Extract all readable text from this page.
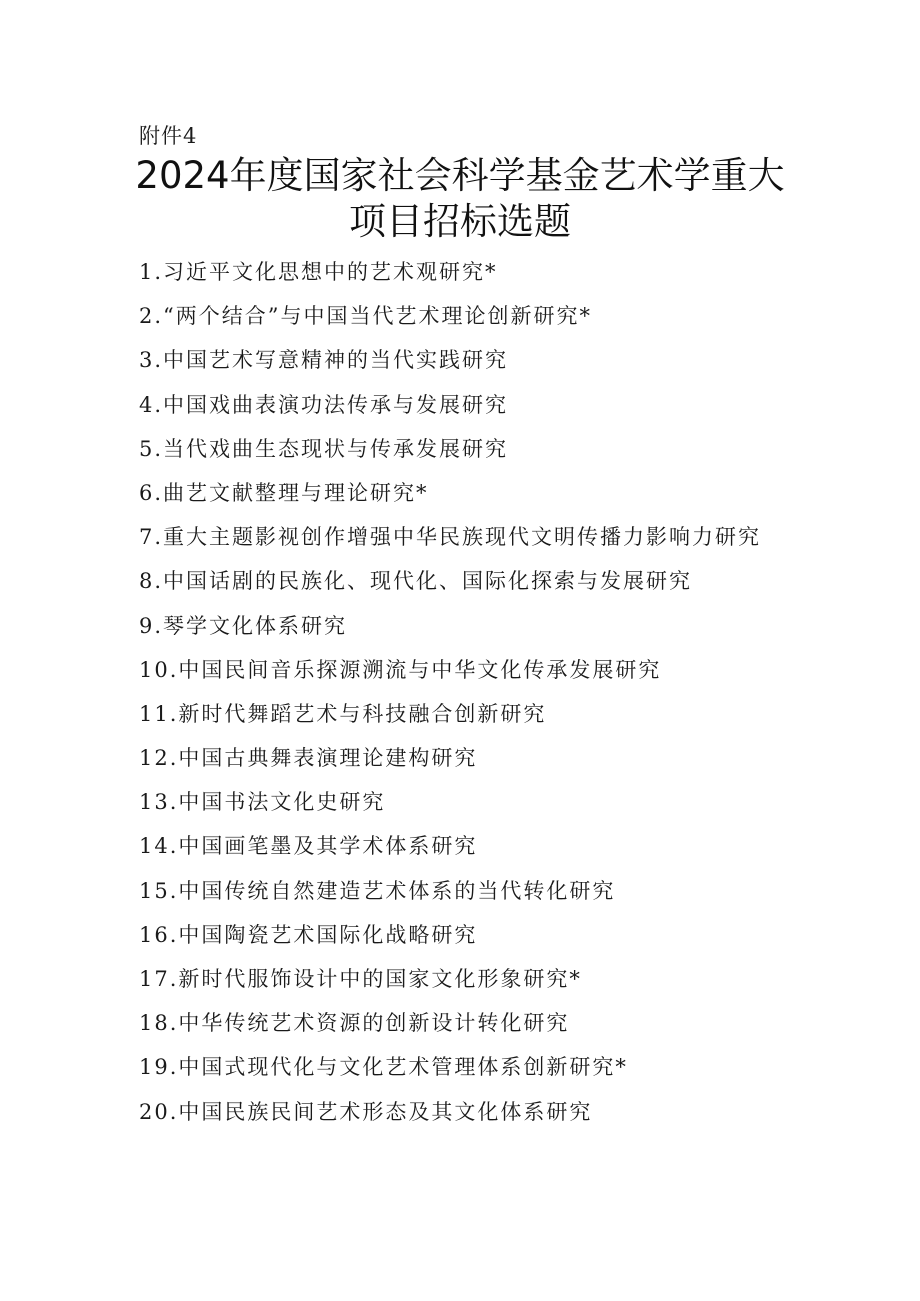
附件4
2024年度国家社会科学基金艺术学重大项目招标选题
1.习近平文化思想中的艺术观研究*
2.“两个结合”与中国当代艺术理论创新研究*
3.中国艺术写意精神的当代实践研究
4.中国戏曲表演功法传承与发展研究
5.当代戏曲生态现状与传承发展研究
6.曲艺文献整理与理论研究*
7.重大主题影视创作增强中华民族现代文明传播力影响力研究
8.中国话剧的民族化、现代化、国际化探索与发展研究
9.琴学文化体系研究
10.中国民间音乐探源溯流与中华文化传承发展研究
11.新时代舞蹈艺术与科技融合创新研究
12.中国古典舞表演理论建构研究
13.中国书法文化史研究
14.中国画笔墨及其学术体系研究
15.中国传统自然建造艺术体系的当代转化研究
16.中国陶瓷艺术国际化战略研究
17.新时代服饰设计中的国家文化形象研究*
18.中华传统艺术资源的创新设计转化研究
19.中国式现代化与文化艺术管理体系创新研究*
20.中国民族民间艺术形态及其文化体系研究
